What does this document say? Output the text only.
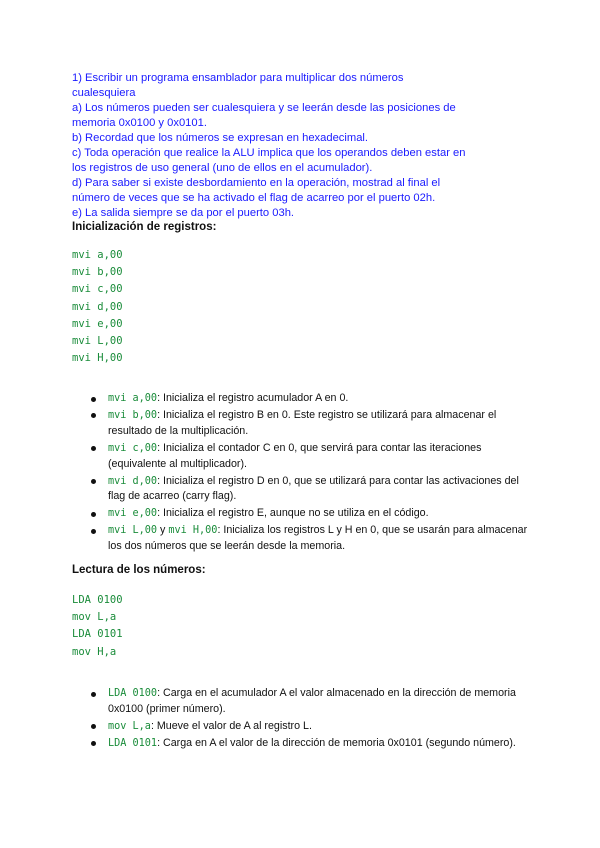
1) Escribir un programa ensamblador para multiplicar dos números
cualesquiera
a) Los números pueden ser cualesquiera y se leerán desde las posiciones de
memoria 0x0100 y 0x0101.
b) Recordad que los números se expresan en hexadecimal.
c) Toda operación que realice la ALU implica que los operandos deben estar en
los registros de uso general (uno de ellos en el acumulador).
d) Para saber si existe desbordamiento en la operación, mostrad al final el
número de veces que se ha activado el flag de acarreo por el puerto 02h.
e) La salida siempre se da por el puerto 03h.
Inicialización de registros:
mvi a,00
mvi b,00
mvi c,00
mvi d,00
mvi e,00
mvi L,00
mvi H,00
mvi a,00: Inicializa el registro acumulador A en 0.
mvi b,00: Inicializa el registro B en 0. Este registro se utilizará para almacenar el resultado de la multiplicación.
mvi c,00: Inicializa el contador C en 0, que servirá para contar las iteraciones (equivalente al multiplicador).
mvi d,00: Inicializa el registro D en 0, que se utilizará para contar las activaciones del flag de acarreo (carry flag).
mvi e,00: Inicializa el registro E, aunque no se utiliza en el código.
mvi L,00 y mvi H,00: Inicializa los registros L y H en 0, que se usarán para almacenar los dos números que se leerán desde la memoria.
Lectura de los números:
LDA 0100
mov L,a
LDA 0101
mov H,a
LDA 0100: Carga en el acumulador A el valor almacenado en la dirección de memoria 0x0100 (primer número).
mov L,a: Mueve el valor de A al registro L.
LDA 0101: Carga en A el valor de la dirección de memoria 0x0101 (segundo número).
